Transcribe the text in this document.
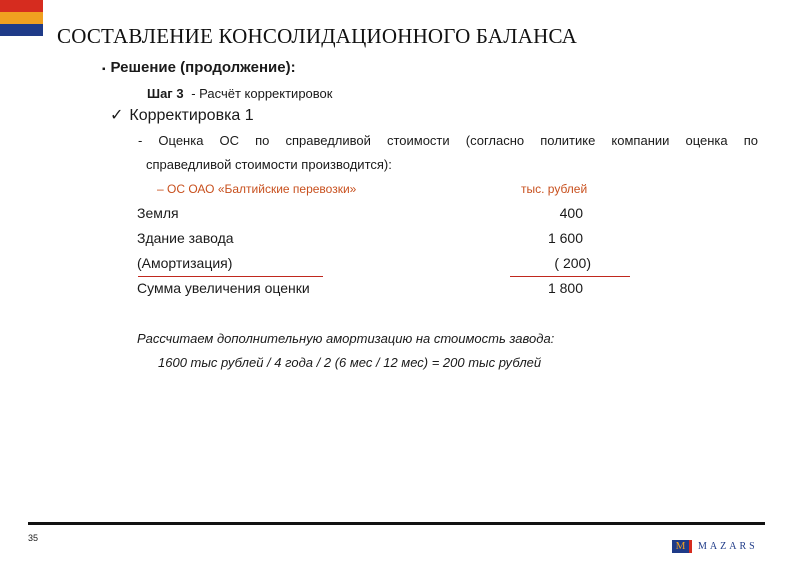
СОСТАВЛЕНИЕ КОНСОЛИДАЦИОННОГО БАЛАНСА
▪ Решение (продолжение):
Шаг 3 - Расчёт корректировок
✓ Корректировка 1
- Оценка ОС по справедливой стоимости (согласно политике компании оценка по
справедливой стоимости производится):
– ОС ОАО «Балтийские перевозки»	тыс. рублей
Земля	400
Здание завода	1 600
(Амортизация)	( 200)
Сумма увеличения оценки	1 800
Рассчитаем дополнительную амортизацию на стоимость завода:
1600 тыс рублей / 4 года / 2 (6 мес / 12 мес) = 200 тыс рублей
35
M	MAZARS
